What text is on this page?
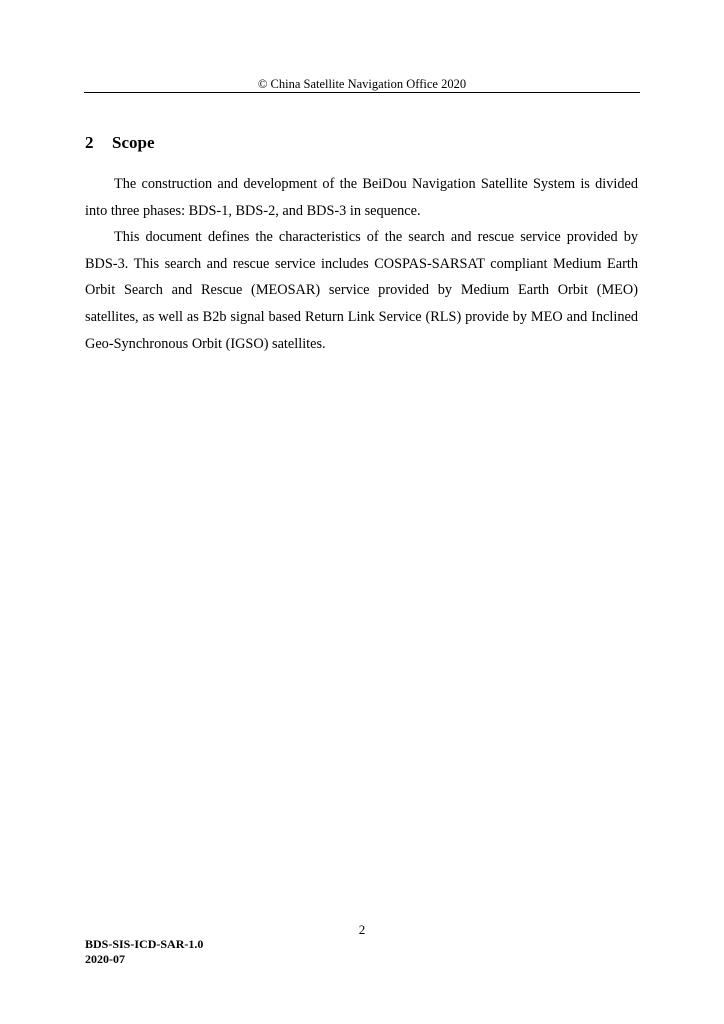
© China Satellite Navigation Office 2020
2 Scope

The construction and development of the BeiDou Navigation Satellite System is divided into three phases: BDS-1, BDS-2, and BDS-3 in sequence.

This document defines the characteristics of the search and rescue service provided by BDS-3. This search and rescue service includes COSPAS-SARSAT compliant Medium Earth Orbit Search and Rescue (MEOSAR) service provided by Medium Earth Orbit (MEO) satellites, as well as B2b signal based Return Link Service (RLS) provide by MEO and Inclined Geo-Synchronous Orbit (IGSO) satellites.

2
BDS-SIS-ICD-SAR-1.0
2020-07
